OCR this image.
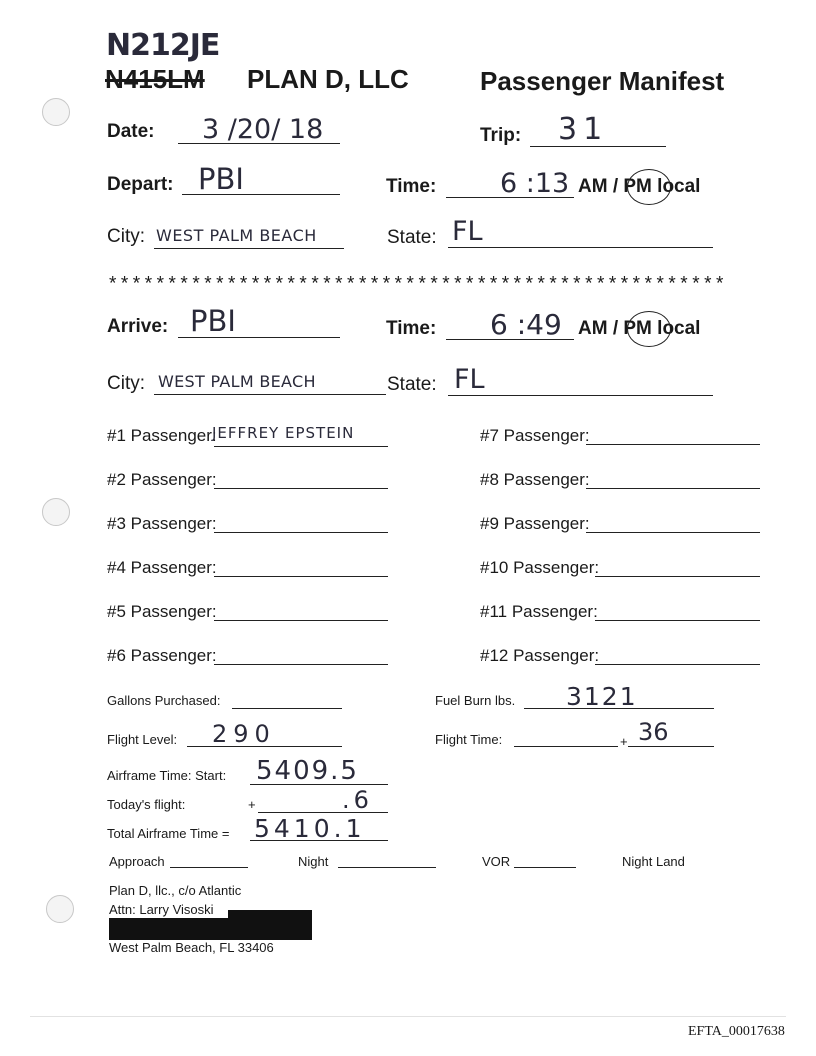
N212JE
N415LM PLAN D, LLC	Passenger Manifest
Date: 3 /20/ 18	Trip: 31
Depart: PBI	Time: 6 :13 AM / PM local
City: WEST PALM BEACH	State: FL
****************************************************
Arrive: PBI	Time: 6 :49 AM / PM local
City: WEST PALM BEACH	State: FL
#1 Passenger:
JEFFREY EPSTEIN
#2 Passenger:
#3 Passenger:
#4 Passenger:
#5 Passenger:
#6 Passenger:
#7 Passenger:
#8 Passenger:
#9 Passenger:
#10 Passenger:
#11 Passenger:
#12 Passenger:
Gallons Purchased:	Fuel Burn lbs. 3121
Flight Level: 290	Flight Time:	+ 36
Airframe Time: Start: 5409.5
Today's flight:	+	.6
Total Airframe Time = 5410.1
Approach	Night	VOR	Night Land
Plan D, llc., c/o Atlantic
Attn: Larry Visoski
West Palm Beach, FL 33406
EFTA_00017638
